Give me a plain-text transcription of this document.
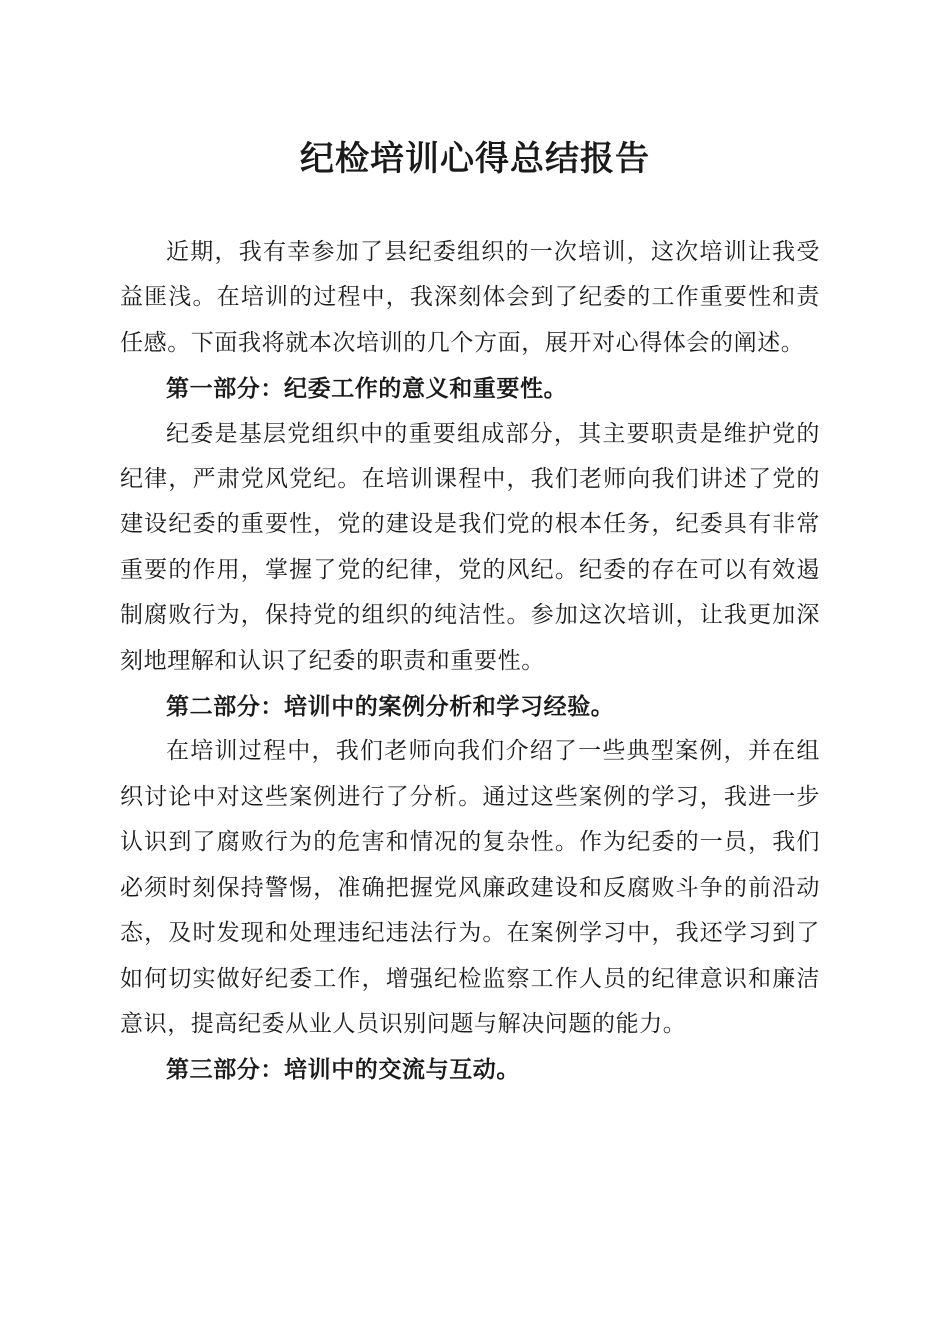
纪检培训心得总结报告

近期，我有幸参加了县纪委组织的一次培训，这次培训让我受益匪浅。在培训的过程中，我深刻体会到了纪委的工作重要性和责任感。下面我将就本次培训的几个方面，展开对心得体会的阐述。

第一部分：纪委工作的意义和重要性。

纪委是基层党组织中的重要组成部分，其主要职责是维护党的纪律，严肃党风党纪。在培训课程中，我们老师向我们讲述了党的建设纪委的重要性，党的建设是我们党的根本任务，纪委具有非常重要的作用，掌握了党的纪律，党的风纪。纪委的存在可以有效遏制腐败行为，保持党的组织的纯洁性。参加这次培训，让我更加深刻地理解和认识了纪委的职责和重要性。

第二部分：培训中的案例分析和学习经验。

在培训过程中，我们老师向我们介绍了一些典型案例，并在组织讨论中对这些案例进行了分析。通过这些案例的学习，我进一步认识到了腐败行为的危害和情况的复杂性。作为纪委的一员，我们必须时刻保持警惕，准确把握党风廉政建设和反腐败斗争的前沿动态，及时发现和处理违纪违法行为。在案例学习中，我还学习到了如何切实做好纪委工作，增强纪检监察工作人员的纪律意识和廉洁意识，提高纪委从业人员识别问题与解决问题的能力。

第三部分：培训中的交流与互动。
